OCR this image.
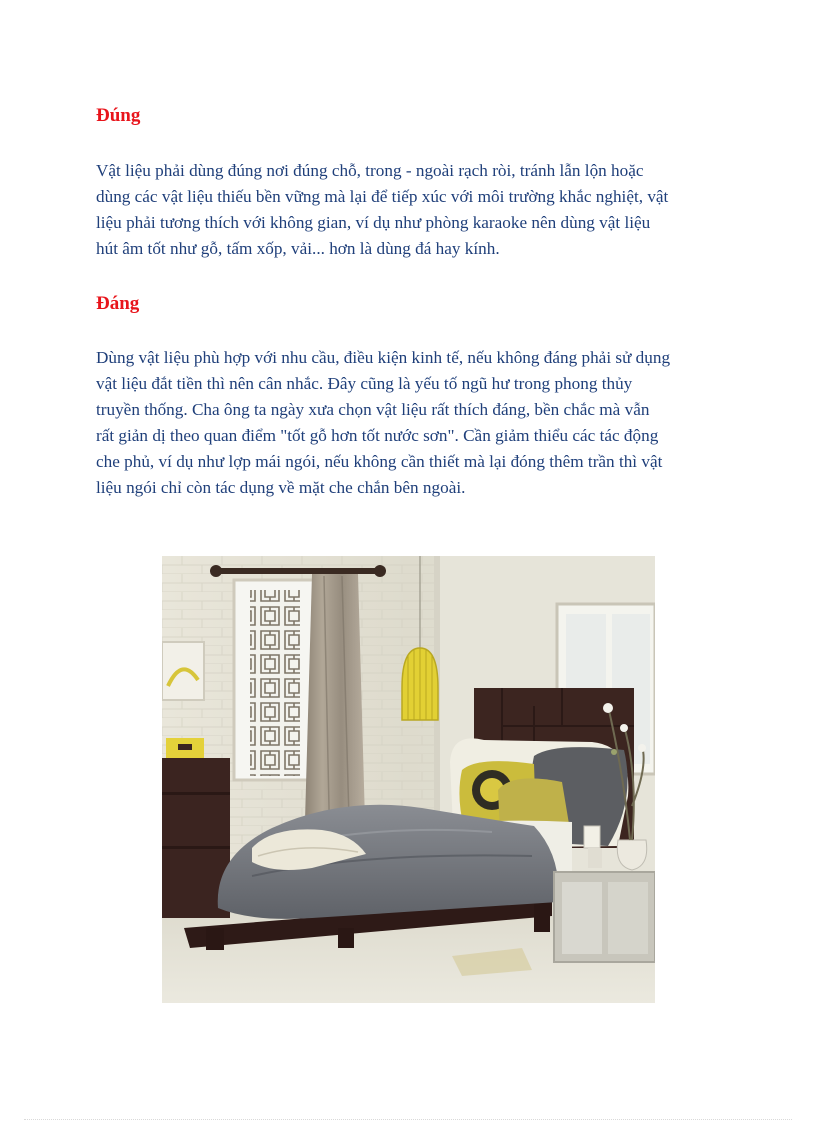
Đúng

Vật liệu phải dùng đúng nơi đúng chỗ, trong - ngoài rạch ròi, tránh lẫn lộn hoặc
dùng các vật liệu thiếu bền vững mà lại để tiếp xúc với môi trường khắc nghiệt, vật
liệu phải tương thích với không gian, ví dụ như phòng karaoke nên dùng vật liệu
hút âm tốt như gỗ, tấm xốp, vải... hơn là dùng đá hay kính.

Đáng

Dùng vật liệu phù hợp với nhu cầu, điều kiện kinh tế, nếu không đáng phải sử dụng
vật liệu đắt tiền thì nên cân nhắc. Đây cũng là yếu tố ngũ hư trong phong thủy
truyền thống. Cha ông ta ngày xưa chọn vật liệu rất thích đáng, bền chắc mà vẫn
rất giản dị theo quan điểm "tốt gỗ hơn tốt nước sơn". Cần giảm thiểu các tác động
che phủ, ví dụ như lợp mái ngói, nếu không cần thiết mà lại đóng thêm trần thì vật
liệu ngói chỉ còn tác dụng về mặt che chắn bên ngoài.
